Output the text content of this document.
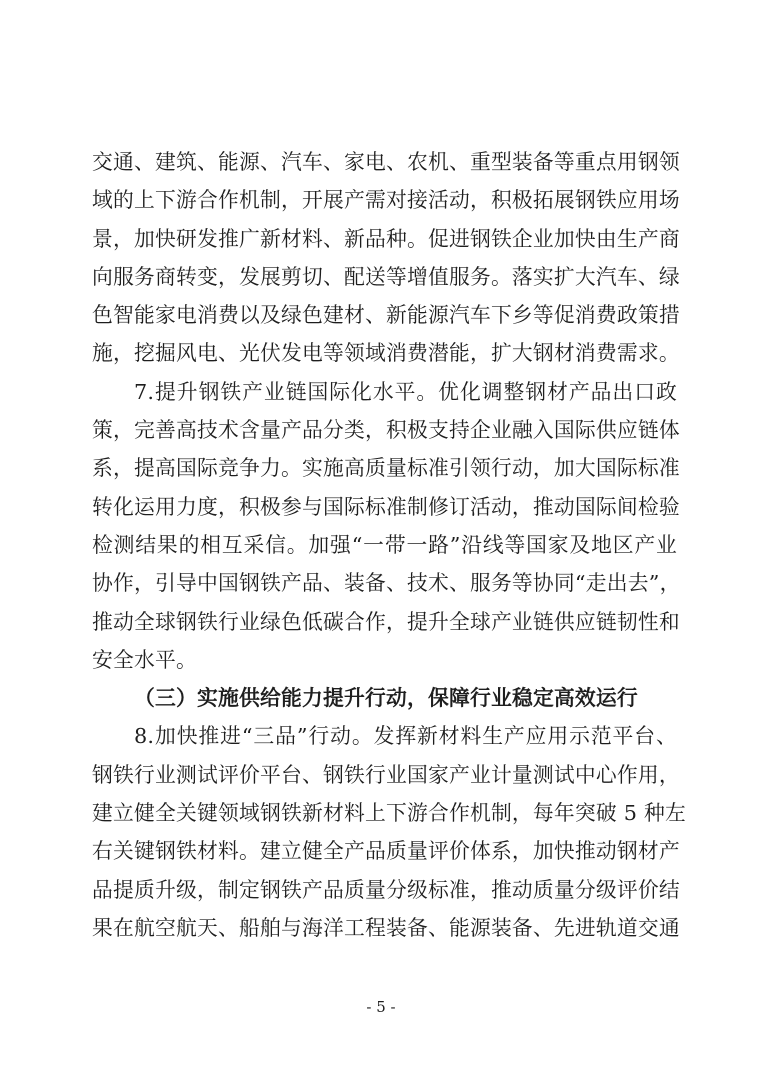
交通、建筑、能源、汽车、家电、农机、重型装备等重点用钢领
域的上下游合作机制，开展产需对接活动，积极拓展钢铁应用场
景，加快研发推广新材料、新品种。促进钢铁企业加快由生产商
向服务商转变，发展剪切、配送等增值服务。落实扩大汽车、绿
色智能家电消费以及绿色建材、新能源汽车下乡等促消费政策措
施，挖掘风电、光伏发电等领域消费潜能，扩大钢材消费需求。
7.提升钢铁产业链国际化水平。优化调整钢材产品出口政
策，完善高技术含量产品分类，积极支持企业融入国际供应链体
系，提高国际竞争力。实施高质量标准引领行动，加大国际标准
转化运用力度，积极参与国际标准制修订活动，推动国际间检验
检测结果的相互采信。加强“一带一路”沿线等国家及地区产业
协作，引导中国钢铁产品、装备、技术、服务等协同“走出去”，
推动全球钢铁行业绿色低碳合作，提升全球产业链供应链韧性和
安全水平。
（三）实施供给能力提升行动，保障行业稳定高效运行
8.加快推进“三品”行动。发挥新材料生产应用示范平台、
钢铁行业测试评价平台、钢铁行业国家产业计量测试中心作用，
建立健全关键领域钢铁新材料上下游合作机制，每年突破 5 种左
右关键钢铁材料。建立健全产品质量评价体系，加快推动钢材产
品提质升级，制定钢铁产品质量分级标准，推动质量分级评价结
果在航空航天、船舶与海洋工程装备、能源装备、先进轨道交通
- 5 -
